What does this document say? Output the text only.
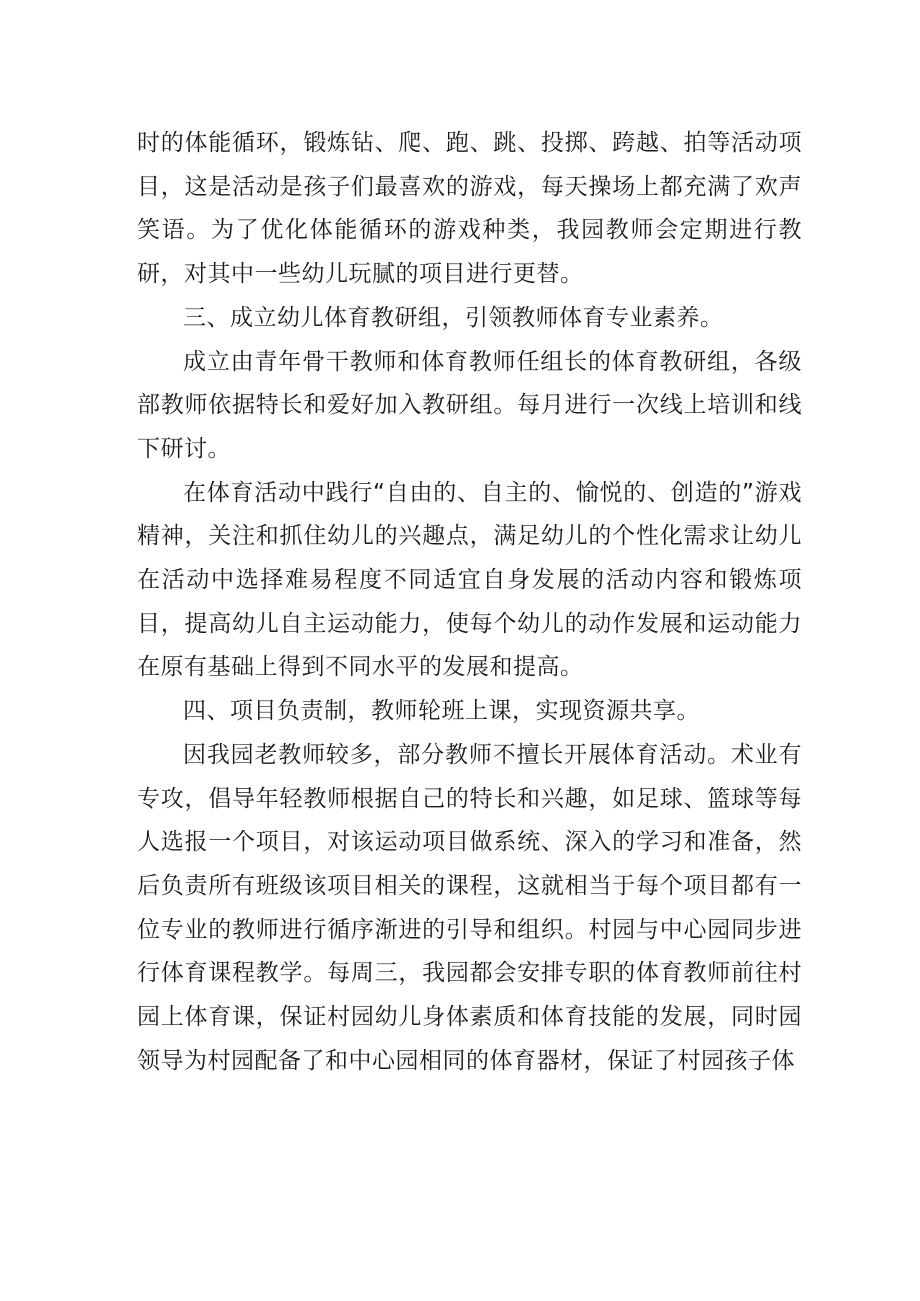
时的体能循环，锻炼钻、爬、跑、跳、投掷、跨越、拍等活动项目，这是活动是孩子们最喜欢的游戏，每天操场上都充满了欢声笑语。为了优化体能循环的游戏种类，我园教师会定期进行教研，对其中一些幼儿玩腻的项目进行更替。

三、成立幼儿体育教研组，引领教师体育专业素养。

成立由青年骨干教师和体育教师任组长的体育教研组，各级部教师依据特长和爱好加入教研组。每月进行一次线上培训和线下研讨。

在体育活动中践行“自由的、自主的、愉悦的、创造的”游戏精神，关注和抓住幼儿的兴趣点，满足幼儿的个性化需求让幼儿在活动中选择难易程度不同适宜自身发展的活动内容和锻炼项目，提高幼儿自主运动能力，使每个幼儿的动作发展和运动能力在原有基础上得到不同水平的发展和提高。

四、项目负责制，教师轮班上课，实现资源共享。

因我园老教师较多，部分教师不擅长开展体育活动。术业有专攻，倡导年轻教师根据自己的特长和兴趣，如足球、篮球等每人选报一个项目，对该运动项目做系统、深入的学习和准备，然后负责所有班级该项目相关的课程，这就相当于每个项目都有一位专业的教师进行循序渐进的引导和组织。村园与中心园同步进行体育课程教学。每周三，我园都会安排专职的体育教师前往村园上体育课，保证村园幼儿身体素质和体育技能的发展，同时园领导为村园配备了和中心园相同的体育器材，保证了村园孩子体
